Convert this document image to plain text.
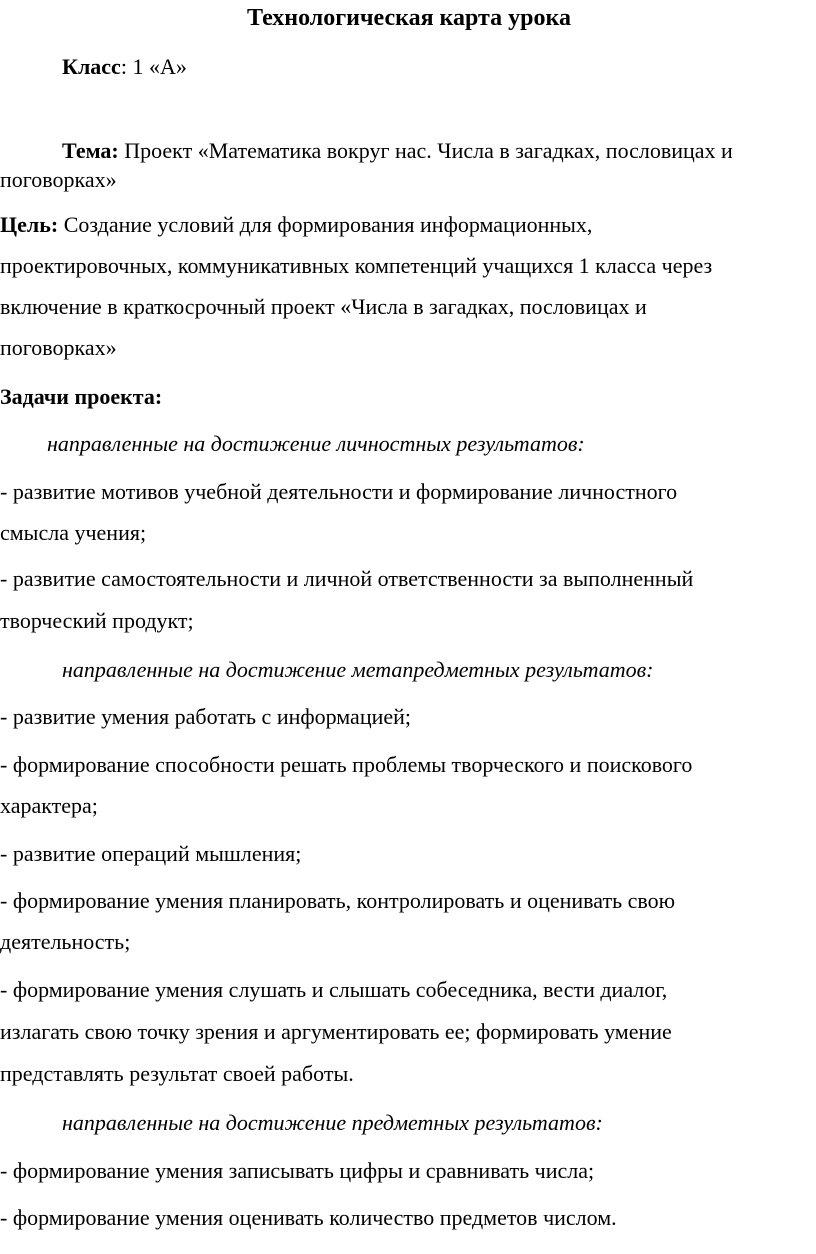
Технологическая карта урока
Класс: 1 «А»
Тема: Проект «Математика вокруг нас. Числа в загадках, пословицах и
поговорках»
Цель: Создание условий для формирования информационных,
проектировочных, коммуникативных компетенций учащихся 1 класса через
включение в краткосрочный проект «Числа в загадках, пословицах и
поговорках»
Задачи проекта:
направленные на достижение личностных результатов:
- развитие мотивов учебной деятельности и формирование личностного
смысла учения;
- развитие самостоятельности и личной ответственности за выполненный
творческий продукт;
направленные на достижение метапредметных результатов:
- развитие умения работать с информацией;
- формирование способности решать проблемы творческого и поискового
характера;
- развитие операций мышления;
- формирование умения планировать, контролировать и оценивать свою
деятельность;
- формирование умения слушать и слышать собеседника, вести диалог,
излагать свою точку зрения и аргументировать ее; формировать умение
представлять результат своей работы.
направленные на достижение предметных результатов:
- формирование умения записывать цифры и сравнивать числа;
- формирование умения оценивать количество предметов числом.
